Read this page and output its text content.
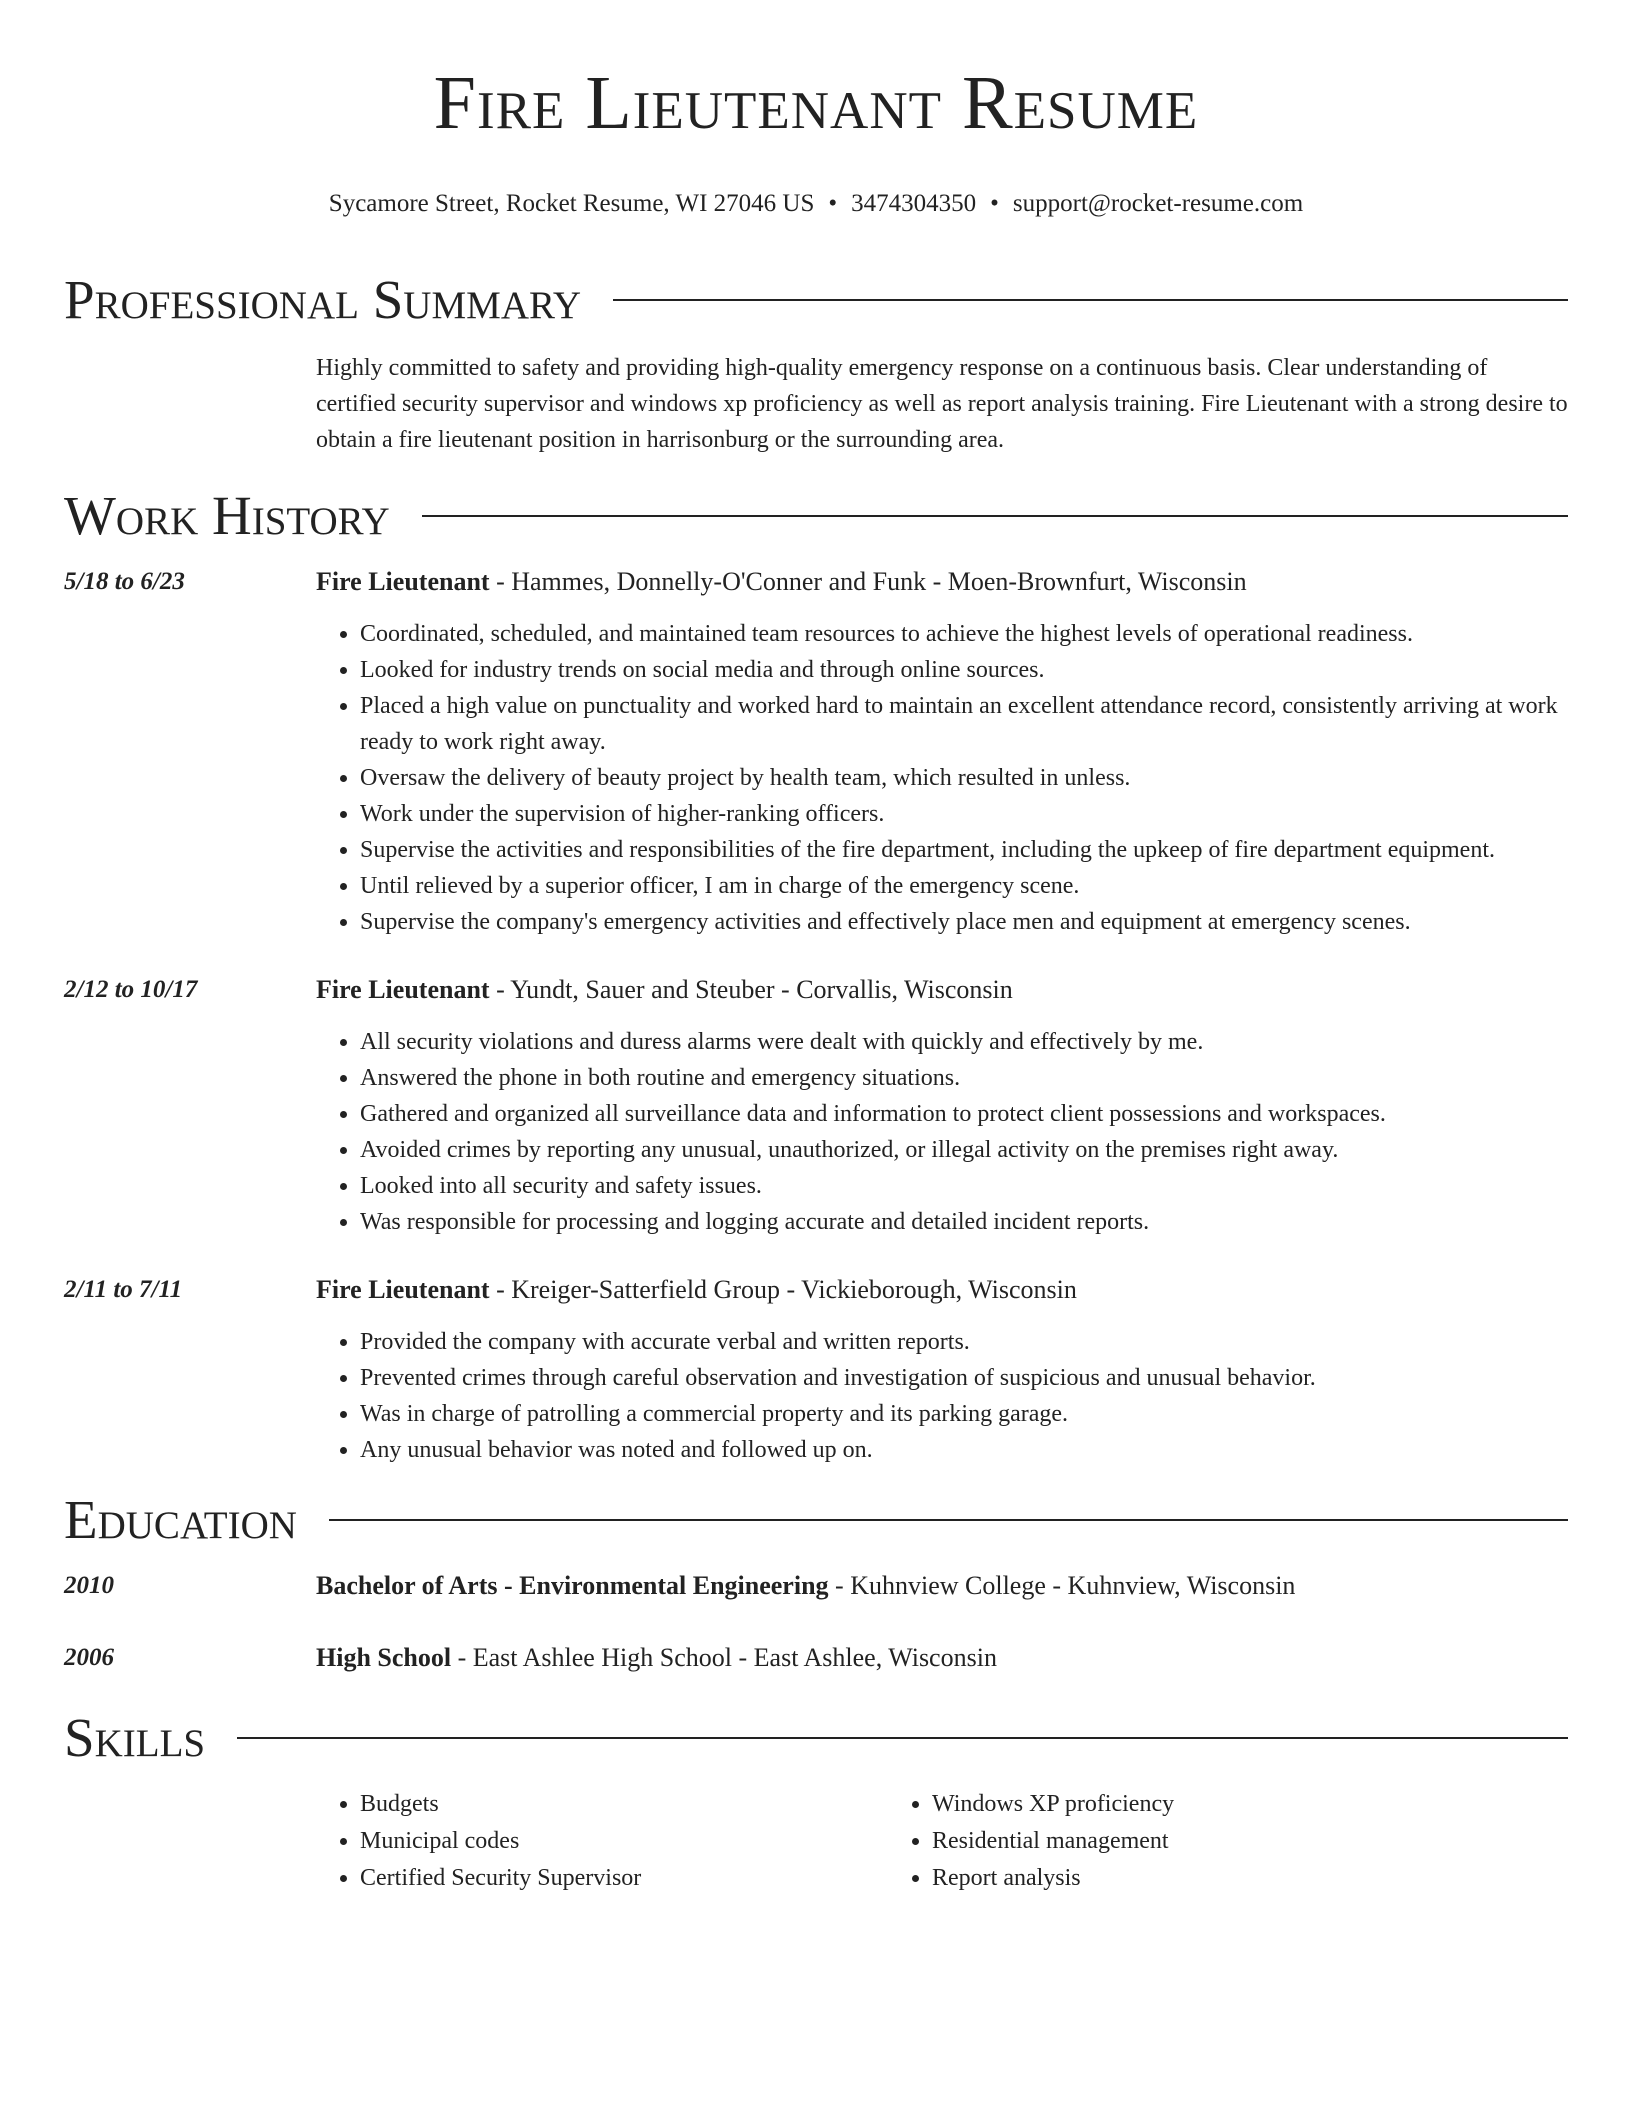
Fire Lieutenant Resume
Sycamore Street, Rocket Resume, WI 27046 US • 3474304350 • support@rocket-resume.com
Professional Summary
Highly committed to safety and providing high-quality emergency response on a continuous basis. Clear understanding of certified security supervisor and windows xp proficiency as well as report analysis training. Fire Lieutenant with a strong desire to obtain a fire lieutenant position in harrisonburg or the surrounding area.
Work History
5/18 to 6/23	Fire Lieutenant - Hammes, Donnelly-O'Conner and Funk - Moen-Brownfurt, Wisconsin
• Coordinated, scheduled, and maintained team resources to achieve the highest levels of operational readiness.
• Looked for industry trends on social media and through online sources.
• Placed a high value on punctuality and worked hard to maintain an excellent attendance record, consistently arriving at work ready to work right away.
• Oversaw the delivery of beauty project by health team, which resulted in unless.
• Work under the supervision of higher-ranking officers.
• Supervise the activities and responsibilities of the fire department, including the upkeep of fire department equipment.
• Until relieved by a superior officer, I am in charge of the emergency scene.
• Supervise the company's emergency activities and effectively place men and equipment at emergency scenes.
2/12 to 10/17	Fire Lieutenant - Yundt, Sauer and Steuber - Corvallis, Wisconsin
• All security violations and duress alarms were dealt with quickly and effectively by me.
• Answered the phone in both routine and emergency situations.
• Gathered and organized all surveillance data and information to protect client possessions and workspaces.
• Avoided crimes by reporting any unusual, unauthorized, or illegal activity on the premises right away.
• Looked into all security and safety issues.
• Was responsible for processing and logging accurate and detailed incident reports.
2/11 to 7/11	Fire Lieutenant - Kreiger-Satterfield Group - Vickieborough, Wisconsin
• Provided the company with accurate verbal and written reports.
• Prevented crimes through careful observation and investigation of suspicious and unusual behavior.
• Was in charge of patrolling a commercial property and its parking garage.
• Any unusual behavior was noted and followed up on.
Education
2010	Bachelor of Arts - Environmental Engineering - Kuhnview College - Kuhnview, Wisconsin
2006	High School - East Ashlee High School - East Ashlee, Wisconsin
Skills
• Budgets
• Municipal codes
• Certified Security Supervisor
• Windows XP proficiency
• Residential management
• Report analysis
